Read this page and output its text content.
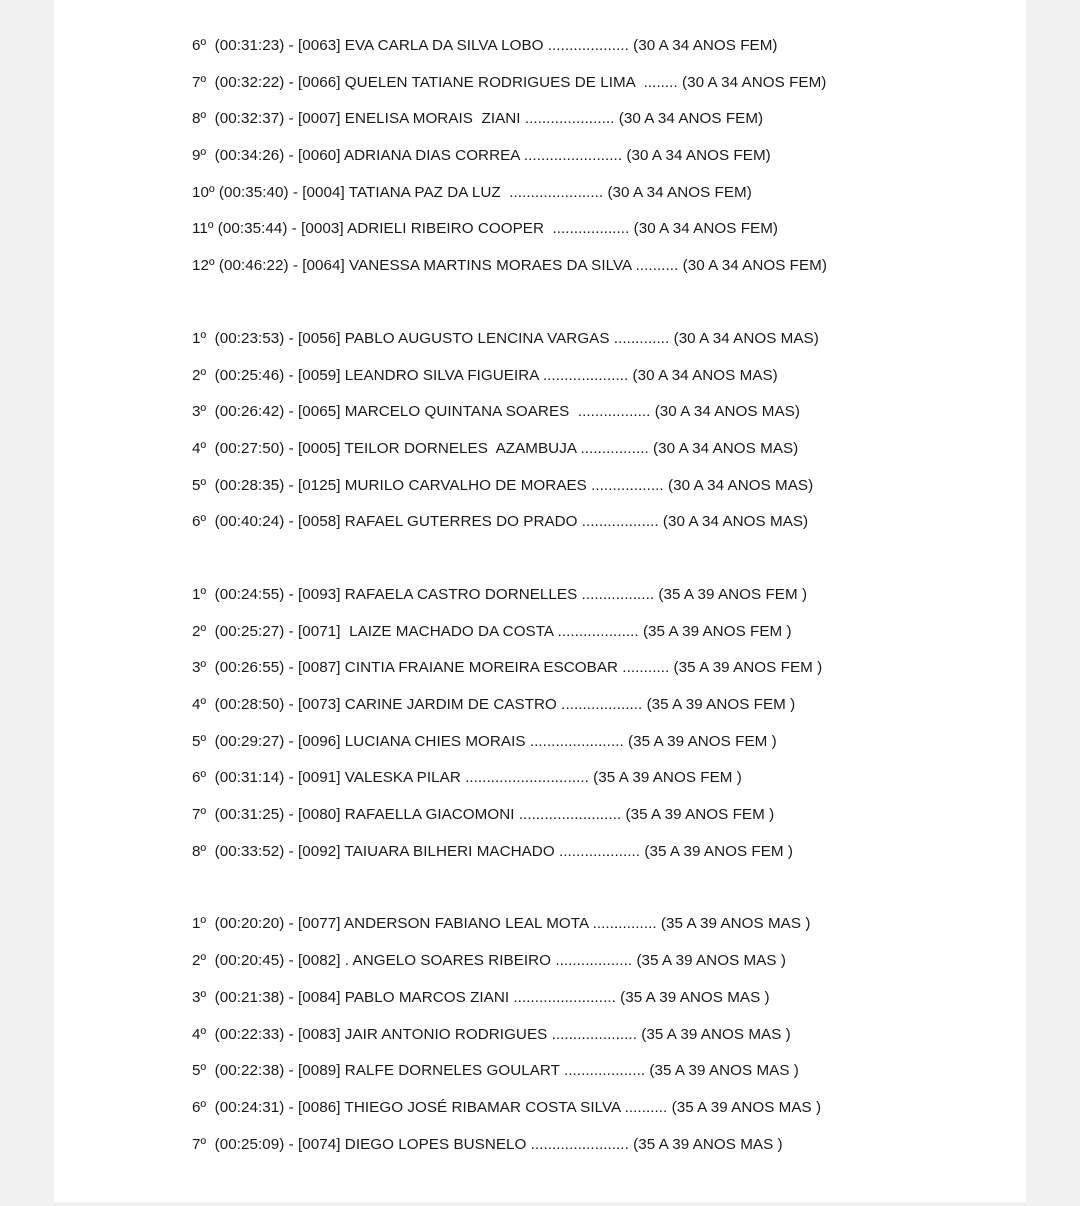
6º  (00:31:23) - [0063] EVA CARLA DA SILVA LOBO ................... (30 A 34 ANOS FEM)
7º  (00:32:22) - [0066] QUELEN TATIANE RODRIGUES DE LIMA  ........ (30 A 34 ANOS FEM)
8º  (00:32:37) - [0007] ENELISA MORAIS  ZIANI ..................... (30 A 34 ANOS FEM)
9º  (00:34:26) - [0060] ADRIANA DIAS CORREA ....................... (30 A 34 ANOS FEM)
10º (00:35:40) - [0004] TATIANA PAZ DA LUZ  ...................... (30 A 34 ANOS FEM)
11º (00:35:44) - [0003] ADRIELI RIBEIRO COOPER  .................. (30 A 34 ANOS FEM)
12º (00:46:22) - [0064] VANESSA MARTINS MORAES DA SILVA .......... (30 A 34 ANOS FEM)
1º  (00:23:53) - [0056] PABLO AUGUSTO LENCINA VARGAS ............. (30 A 34 ANOS MAS)
2º  (00:25:46) - [0059] LEANDRO SILVA FIGUEIRA .................... (30 A 34 ANOS MAS)
3º  (00:26:42) - [0065] MARCELO QUINTANA SOARES  ................. (30 A 34 ANOS MAS)
4º  (00:27:50) - [0005] TEILOR DORNELES  AZAMBUJA ................ (30 A 34 ANOS MAS)
5º  (00:28:35) - [0125] MURILO CARVALHO DE MORAES ................. (30 A 34 ANOS MAS)
6º  (00:40:24) - [0058] RAFAEL GUTERRES DO PRADO .................. (30 A 34 ANOS MAS)
1º  (00:24:55) - [0093] RAFAELA CASTRO DORNELLES ................. (35 A 39 ANOS FEM )
2º  (00:25:27) - [0071]  LAIZE MACHADO DA COSTA ................... (35 A 39 ANOS FEM )
3º  (00:26:55) - [0087] CINTIA FRAIANE MOREIRA ESCOBAR ........... (35 A 39 ANOS FEM )
4º  (00:28:50) - [0073] CARINE JARDIM DE CASTRO ................... (35 A 39 ANOS FEM )
5º  (00:29:27) - [0096] LUCIANA CHIES MORAIS ...................... (35 A 39 ANOS FEM )
6º  (00:31:14) - [0091] VALESKA PILAR ............................. (35 A 39 ANOS FEM )
7º  (00:31:25) - [0080] RAFAELLA GIACOMONI ........................ (35 A 39 ANOS FEM )
8º  (00:33:52) - [0092] TAIUARA BILHERI MACHADO ................... (35 A 39 ANOS FEM )
1º  (00:20:20) - [0077] ANDERSON FABIANO LEAL MOTA ............... (35 A 39 ANOS MAS )
2º  (00:20:45) - [0082] . ANGELO SOARES RIBEIRO .................. (35 A 39 ANOS MAS )
3º  (00:21:38) - [0084] PABLO MARCOS ZIANI ........................ (35 A 39 ANOS MAS )
4º  (00:22:33) - [0083] JAIR ANTONIO RODRIGUES .................... (35 A 39 ANOS MAS )
5º  (00:22:38) - [0089] RALFE DORNELES GOULART ................... (35 A 39 ANOS MAS )
6º  (00:24:31) - [0086] THIEGO JOSÉ RIBAMAR COSTA SILVA .......... (35 A 39 ANOS MAS )
7º  (00:25:09) - [0074] DIEGO LOPES BUSNELO ....................... (35 A 39 ANOS MAS )
